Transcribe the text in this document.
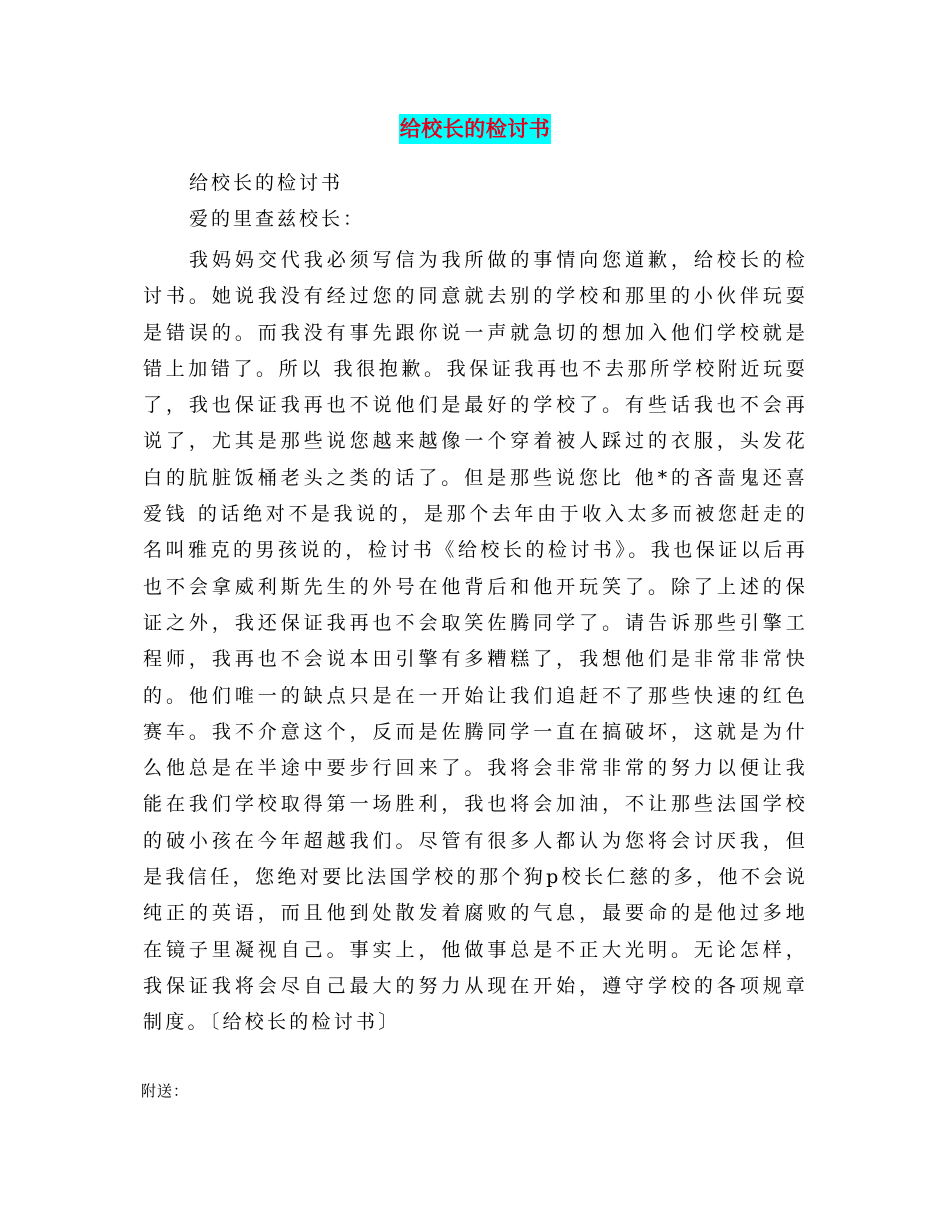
给校长的检讨书
给校长的检讨书
爱的里查兹校长：
我妈妈交代我必须写信为我所做的事情向您道歉，给校长的检讨书。她说我没有经过您的同意就去别的学校和那里的小伙伴玩耍是错误的。而我没有事先跟你说一声就急切的想加入他们学校就是错上加错了。所以 我很抱歉。我保证我再也不去那所学校附近玩耍了，我也保证我再也不说他们是最好的学校了。有些话我也不会再说了，尤其是那些说您越来越像一个穿着被人踩过的衣服，头发花白的肮脏饭桶老头之类的话了。但是那些说您比 他*的吝啬鬼还喜爱钱 的话绝对不是我说的，是那个去年由于收入太多而被您赶走的名叫雅克的男孩说的，检讨书《给校长的检讨书》。我也保证以后再也不会拿威利斯先生的外号在他背后和他开玩笑了。除了上述的保证之外，我还保证我再也不会取笑佐腾同学了。请告诉那些引擎工程师，我再也不会说本田引擎有多糟糕了，我想他们是非常非常快的。他们唯一的缺点只是在一开始让我们追赶不了那些快速的红色赛车。我不介意这个，反而是佐腾同学一直在搞破坏，这就是为什么他总是在半途中要步行回来了。我将会非常非常的努力以便让我能在我们学校取得第一场胜利，我也将会加油，不让那些法国学校的破小孩在今年超越我们。尽管有很多人都认为您将会讨厌我，但是我信任，您绝对要比法国学校的那个狗p校长仁慈的多，他不会说纯正的英语，而且他到处散发着腐败的气息，最要命的是他过多地在镜子里凝视自己。事实上，他做事总是不正大光明。无论怎样，我保证我将会尽自己最大的努力从现在开始，遵守学校的各项规章制度。〔给校长的检讨书〕
附送：
